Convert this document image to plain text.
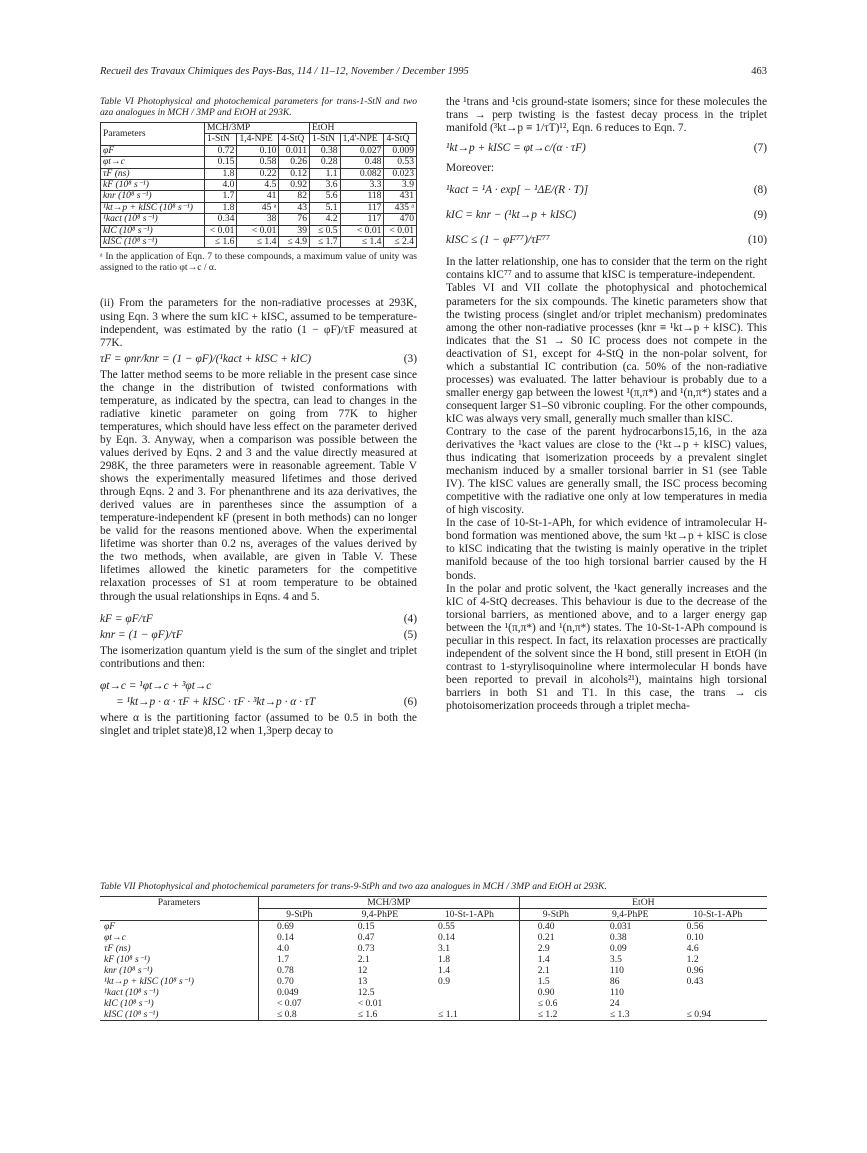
Recueil des Travaux Chimiques des Pays-Bas, 114 / 11–12, November / December 1995	463
Table VI Photophysical and photochemical parameters for trans-1-StN and two aza analogues in MCH / 3MP and EtOH at 293K.
Parameters	MCH/3MP			EtOH		
	1-StN	1,4-NPE	4-StQ	1-StN	1,4'-NPE	4-StQ
φF	0.72	0.10	0.011	0.38	0.027	0.009
φt→c	0.15	0.58	0.26	0.28	0.48	0.53
τF (ns)	1.8	0.22	0.12	1.1	0.082	0.023
kF (10⁸ s⁻¹)	4.0	4.5	0.92	3.6	3.3	3.9
knr (10⁸ s⁻¹)	1.7	41	82	5.6	118	431
¹kt→p + kISC (10⁸ s⁻¹)	1.8	45 ᵃ	43	5.1	117	435 ᵃ
¹kact (10⁸ s⁻¹)	0.34	38	76	4.2	117	470
kIC (10⁸ s⁻¹)	< 0.01	< 0.01	39	≤ 0.5	< 0.01	< 0.01
kISC (10⁸ s⁻¹)	≤ 1.6	≤ 1.4	≤ 4.9	≤ 1.7	≤ 1.4	≤ 2.4
ᵃ In the application of Eqn. 7 to these compounds, a maximum value of unity was assigned to the ratio φt→c / α.

(ii) From the parameters for the non-radiative processes at 293K, using Eqn. 3 where the sum kIC + kISC, assumed to be temperature-independent, was estimated by the ratio (1 − φF)/τF measured at 77K.

τF = φnr/knr = (1 − φF)/(¹kact + kISC + kIC)	(3)

The latter method seems to be more reliable in the present case since the change in the distribution of twisted conformations with temperature, as indicated by the spectra, can lead to changes in the radiative kinetic parameter on going from 77K to higher temperatures, which should have less effect on the parameter derived by Eqn. 3. Anyway, when a comparison was possible between the values derived by Eqns. 2 and 3 and the value directly measured at 298K, the three parameters were in reasonable agreement. Table V shows the experimentally measured lifetimes and those derived through Eqns. 2 and 3. For phenanthrene and its aza derivatives, the derived values are in parentheses since the assumption of a temperature-independent kF (present in both methods) can no longer be valid for the reasons mentioned above. When the experimental lifetime was shorter than 0.2 ns, averages of the values derived by the two methods, when available, are given in Table V. These lifetimes allowed the kinetic parameters for the competitive relaxation processes of S1 at room temperature to be obtained through the usual relationships in Eqns. 4 and 5.

kF = φF/τF	(4)
knr = (1 − φF)/τF	(5)

The isomerization quantum yield is the sum of the singlet and triplet contributions and then:

φt→c = ¹φt→c + ³φt→c
= ¹kt→p · α · τF + kISC · τF · ³kt→p · α · τT	(6)

where α is the partitioning factor (assumed to be 0.5 in both the singlet and triplet state)8,12 when 1,3perp decay to

the ¹trans and ¹cis ground-state isomers; since for these molecules the trans → perp twisting is the fastest decay process in the triplet manifold (³kt→p ≡ 1/τT)¹², Eqn. 6 reduces to Eqn. 7.

¹kt→p + kISC = φt→c/(α · τF)	(7)

Moreover:

¹kact = ¹A · exp[ − ¹ΔE/(R · T)]	(8)
kIC = knr − (¹kt→p + kISC)	(9)
kISC ≤ (1 − φF⁷⁷)/τF⁷⁷	(10)

In the latter relationship, one has to consider that the term on the right contains kIC⁷⁷ and to assume that kISC is temperature-independent.

Tables VI and VII collate the photophysical and photochemical parameters for the six compounds. The kinetic parameters show that the twisting process (singlet and/or triplet mechanism) predominates among the other non-radiative processes (knr ≡ ¹kt→p + kISC). This indicates that the S1 → S0 IC process does not compete in the deactivation of S1, except for 4-StQ in the non-polar solvent, for which a substantial IC contribution (ca. 50% of the non-radiative processes) was evaluated. The latter behaviour is probably due to a smaller energy gap between the lowest ¹(π,π*) and ¹(n,π*) states and a consequent larger S1–S0 vibronic coupling. For the other compounds, kIC was always very small, generally much smaller than kISC.

Contrary to the case of the parent hydrocarbons15,16, in the aza derivatives the ¹kact values are close to the (¹kt→p + kISC) values, thus indicating that isomerization proceeds by a prevalent singlet mechanism induced by a smaller torsional barrier in S1 (see Table IV). The kISC values are generally small, the ISC process becoming competitive with the radiative one only at low temperatures in media of high viscosity.

In the case of 10-St-1-APh, for which evidence of intramolecular H-bond formation was mentioned above, the sum ¹kt→p + kISC is close to kISC indicating that the twisting is mainly operative in the triplet manifold because of the too high torsional barrier caused by the H bonds.

In the polar and protic solvent, the ¹kact generally increases and the kIC of 4-StQ decreases. This behaviour is due to the decrease of the torsional barriers, as mentioned above, and to a larger energy gap between the ¹(π,π*) and ¹(n,π*) states. The 10-St-1-APh compound is peculiar in this respect. In fact, its relaxation processes are practically independent of the solvent since the H bond, still present in EtOH (in contrast to 1-styrylisoquinoline where intermolecular H bonds have been reported to prevail in alcohols²¹), maintains high torsional barriers in both S1 and T1. In this case, the trans → cis photoisomerization proceeds through a triplet mecha-

Table VII Photophysical and photochemical parameters for trans-9-StPh and two aza analogues in MCH / 3MP and EtOH at 293K.
Parameters	MCH/3MP			EtOH		
	9-StPh	9,4-PhPE	10-St-1-APh	9-StPh	9,4-PhPE	10-St-1-APh
φF	0.69	0.15	0.55	0.40	0.031	0.56
φt→c	0.14	0.47	0.14	0.21	0.38	0.10
τF (ns)	4.0	0.73	3.1	2.9	0.09	4.6
kF (10⁸ s⁻¹)	1.7	2.1	1.8	1.4	3.5	1.2
knr (10⁸ s⁻¹)	0.78	12	1.4	2.1	110	0.96
¹kt→p + kISC (10⁸ s⁻¹)	0.70	13	0.9	1.5	86	0.43
¹kact (10⁸ s⁻¹)	0.049	12.5		0.90	110	
kIC (10⁸ s⁻¹)	< 0.07	< 0.01		≤ 0.6	24	
kISC (10⁸ s⁻¹)	≤ 0.8	≤ 1.6	≤ 1.1	≤ 1.2	≤ 1.3	≤ 0.94
